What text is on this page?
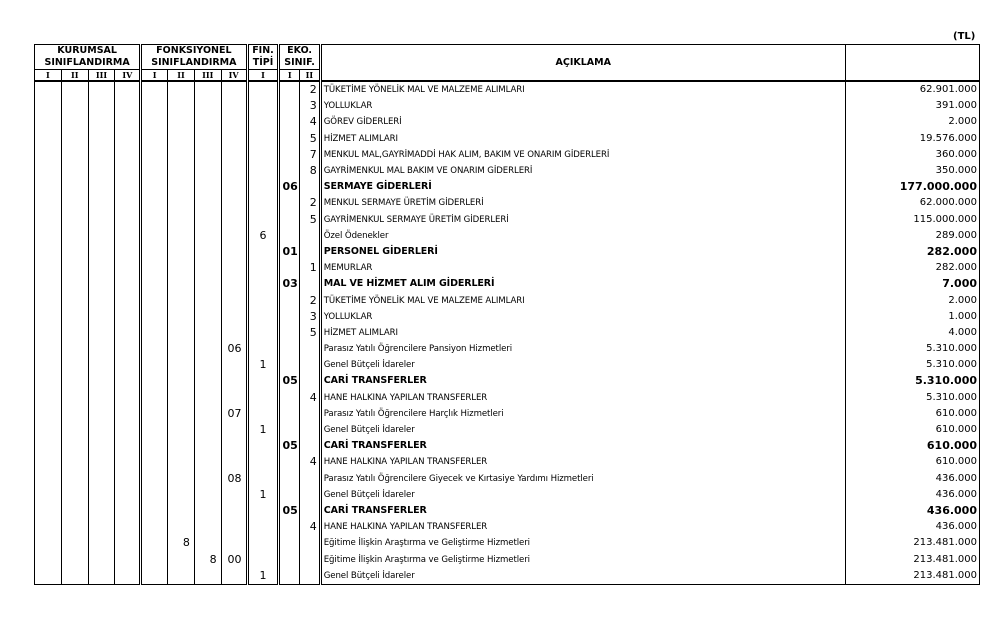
(TL)
KURUMSAL SINIFLANDIRMA				FONKSİYONEL SINIFLANDIRMA				FİN. TİPİ	EKO. SINIF.		AÇIKLAMA	
I	II	III	IV	I	II	III	IV	I	I	II		
										2	TÜKETİME YÖNELİK MAL VE MALZEME ALIMLARI	62.901.000
										3	YOLLUKLAR	391.000
										4	GÖREV GİDERLERİ	2.000
										5	HİZMET ALIMLARI	19.576.000
										7	MENKUL MAL,GAYRİMADDİ HAK ALIM, BAKIM VE ONARIM GİDERLERİ	360.000
										8	GAYRİMENKUL MAL BAKIM VE ONARIM GİDERLERİ	350.000
									06		SERMAYE GİDERLERİ	177.000.000
										2	MENKUL SERMAYE ÜRETİM GİDERLERİ	62.000.000
										5	GAYRİMENKUL SERMAYE ÜRETİM GİDERLERİ	115.000.000
								6			Özel Ödenekler	289.000
									01		PERSONEL GİDERLERİ	282.000
										1	MEMURLAR	282.000
									03		MAL VE HİZMET ALIM GİDERLERİ	7.000
										2	TÜKETİME YÖNELİK MAL VE MALZEME ALIMLARI	2.000
										3	YOLLUKLAR	1.000
										5	HİZMET ALIMLARI	4.000
							06				Parasız Yatılı Öğrencilere Pansiyon Hizmetleri	5.310.000
								1			Genel Bütçeli İdareler	5.310.000
									05		CARİ TRANSFERLER	5.310.000
										4	HANE HALKINA YAPILAN TRANSFERLER	5.310.000
							07				Parasız Yatılı Öğrencilere Harçlık Hizmetleri	610.000
								1			Genel Bütçeli İdareler	610.000
									05		CARİ TRANSFERLER	610.000
										4	HANE HALKINA YAPILAN TRANSFERLER	610.000
							08				Parasız Yatılı Öğrencilere Giyecek ve Kırtasiye Yardımı Hizmetleri	436.000
								1			Genel Bütçeli İdareler	436.000
									05		CARİ TRANSFERLER	436.000
										4	HANE HALKINA YAPILAN TRANSFERLER	436.000
					8						Eğitime İlişkin Araştırma ve Geliştirme Hizmetleri	213.481.000
						8	00				Eğitime İlişkin Araştırma ve Geliştirme Hizmetleri	213.481.000
								1			Genel Bütçeli İdareler	213.481.000
